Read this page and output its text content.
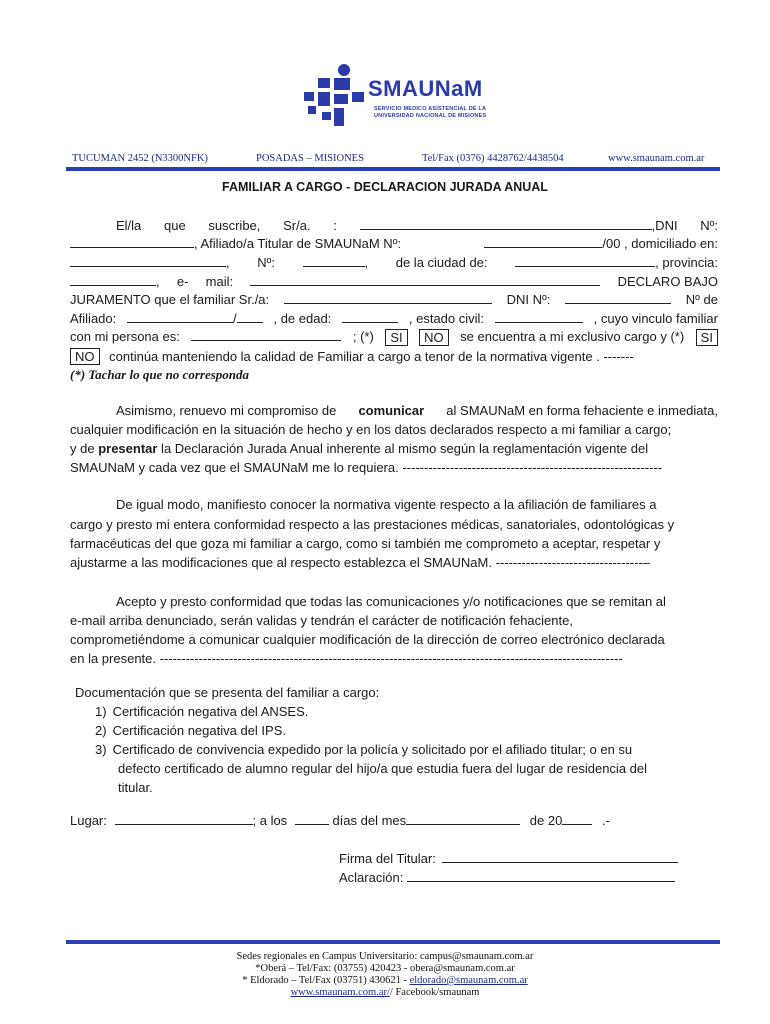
SMAUNaM
SERVICIO MEDICO ASISTENCIAL DE LA
UNIVERSIDAD NACIONAL DE MISIONES
TUCUMAN 2452 (N3300NFK)	POSADAS – MISIONES	Tel/Fax (0376) 4428762/4438504	www.smaunam.com.ar
FAMILIAR A CARGO - DECLARACION JURADA ANUAL
El/la que suscribe, Sr/a. :	,DNI Nº:
, Afiliado/a Titular de SMAUNaM Nº:	/00 , domiciliado en:
, Nº:	, de la ciudad de:	, provincia:
, e- mail:	DECLARO BAJO
JURAMENTO que el familiar Sr./a:	DNI Nº:	Nº de
Afiliado:	/	, de edad:	, estado civil:	, cuyo vinculo familiar
con mi persona es:	; (*)	SI	NO	se encuentra a mi exclusivo cargo y (*)	SI
NO continúa manteniendo la calidad de Familiar a cargo a tenor de la normativa vigente . -------
(*) Tachar lo que no corresponda
Asimismo, renuevo mi compromiso de comunicar al SMAUNaM en forma fehaciente e inmediata,
cualquier modificación en la situación de hecho y en los datos declarados respecto a mi familiar a cargo;
y de presentar la Declaración Jurada Anual inherente al mismo según la reglamentación vigente del
SMAUNaM y cada vez que el SMAUNaM me lo requiera. ------------------------------------------------------------
De igual modo, manifiesto conocer la normativa vigente respecto a la afiliación de familiares a
cargo y presto mi entera conformidad respecto a las prestaciones médicas, sanatoriales, odontológicas y
farmacéuticas del que goza mi familiar a cargo, como si también me comprometo a aceptar, respetar y
ajustarme a las modificaciones que al respecto establezca el SMAUNaM. ----------------------------------–
Acepto y presto conformidad que todas las comunicaciones y/o notificaciones que se remitan al
e-mail arriba denunciado, serán validas y tendrán el carácter de notificación fehaciente,
comprometiéndome a comunicar cualquier modificación de la dirección de correo electrónico declarada
en la presente. -----------------------------------------------------------------------------------------------------------
Documentación que se presenta del familiar a cargo:
1) Certificación negativa del ANSES.
2) Certificación negativa del IPS.
3) Certificado de convivencia expedido por la policía y solicitado por el afiliado titular; o en su
defecto certificado de alumno regular del hijo/a que estudia fuera del lugar de residencia del
titular.
Lugar:	; a los	días del mes	de 20	.-
Firma del Titular:
Aclaración:
Sedes regionales en Campus Universitario: campus@smaunam.com.ar
*Oberá – Tel/Fax: (03755) 420423 - obera@smaunam.com.ar
* Eldorado – Tel/Fax (03751) 430621 - eldorado@smaunam.com.ar
www.smaunam.com.ar// Facebook/smaunam
